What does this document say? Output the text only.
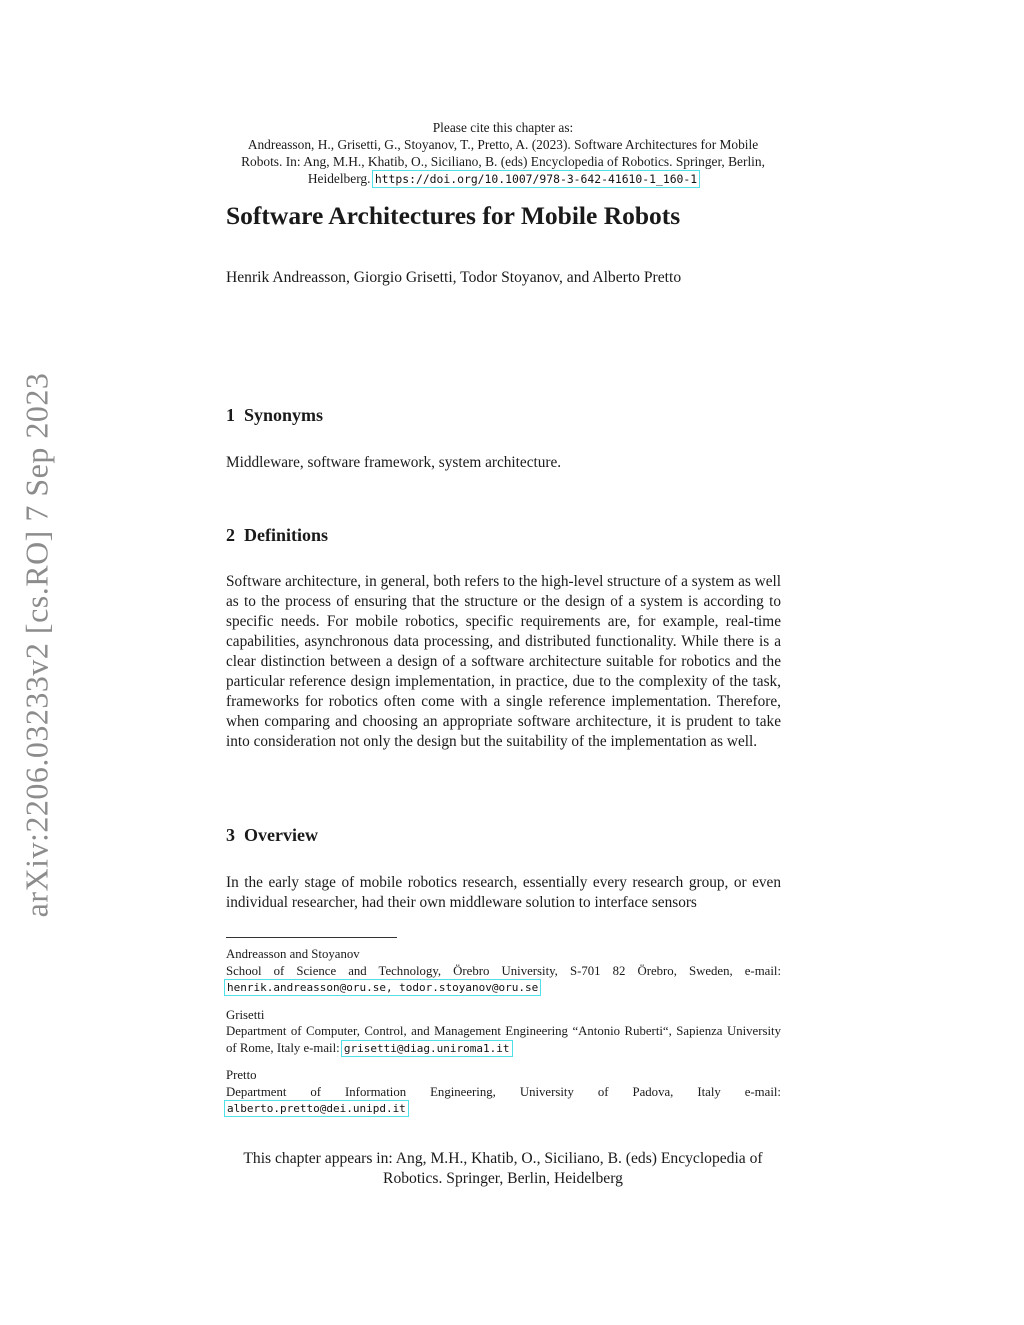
arXiv:2206.03233v2 [cs.RO] 7 Sep 2023
Please cite this chapter as:
Andreasson, H., Grisetti, G., Stoyanov, T., Pretto, A. (2023). Software Architectures for Mobile
Robots. In: Ang, M.H., Khatib, O., Siciliano, B. (eds) Encyclopedia of Robotics. Springer, Berlin,
Heidelberg. https://doi.org/10.1007/978-3-642-41610-1_160-1
Software Architectures for Mobile Robots
Henrik Andreasson, Giorgio Grisetti, Todor Stoyanov, and Alberto Pretto
1 Synonyms

Middleware, software framework, system architecture.

2 Definitions

Software architecture, in general, both refers to the high-level structure of a system as well as to the process of ensuring that the structure or the design of a system is according to specific needs. For mobile robotics, specific requirements are, for example, real-time capabilities, asynchronous data processing, and distributed functionality. While there is a clear distinction between a design of a software architecture suitable for robotics and the particular reference design implementation, in practice, due to the complexity of the task, frameworks for robotics often come with a single reference implementation. Therefore, when comparing and choosing an appropriate software architecture, it is prudent to take into consideration not only the design but the suitability of the implementation as well.

3 Overview

In the early stage of mobile robotics research, essentially every research group, or even individual researcher, had their own middleware solution to interface sensors

Andreasson and Stoyanov
School of Science and Technology, Örebro University, S-701 82 Örebro, Sweden, e-mail: henrik.andreasson@oru.se, todor.stoyanov@oru.se
Grisetti
Department of Computer, Control, and Management Engineering “Antonio Ruberti“, Sapienza University of Rome, Italy e-mail: grisetti@diag.uniroma1.it
Pretto
Department of Information Engineering, University of Padova, Italy e-mail: alberto.pretto@dei.unipd.it
This chapter appears in: Ang, M.H., Khatib, O., Siciliano, B. (eds) Encyclopedia of Robotics. Springer, Berlin, Heidelberg
